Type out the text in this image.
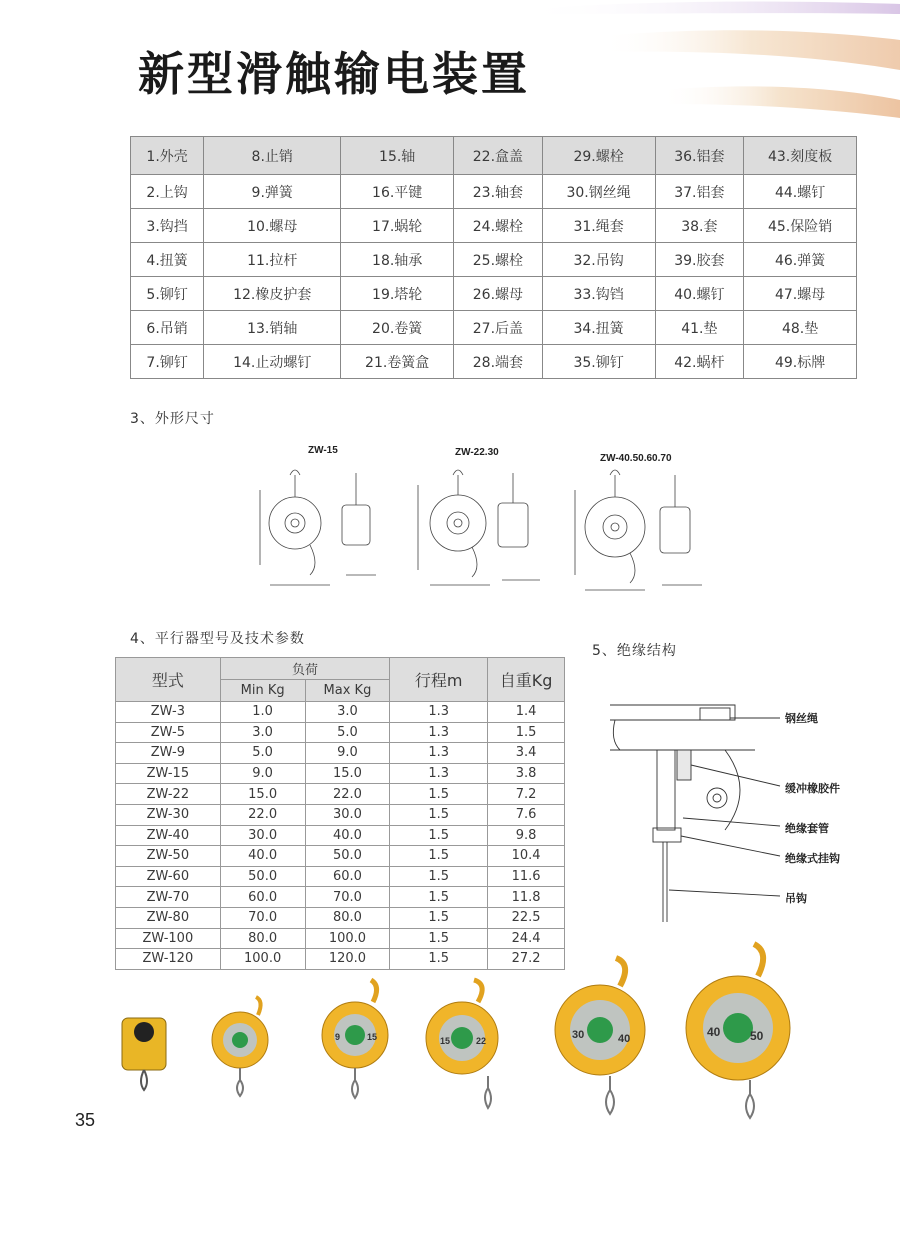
新型滑触输电装置
1.外壳	8.止销	15.轴	22.盒盖	29.螺栓	36.铝套	43.刻度板
2.上钩	9.弹簧	16.平键	23.轴套	30.钢丝绳	37.铝套	44.螺钉
3.钩挡	10.螺母	17.蜗轮	24.螺栓	31.绳套	38.套	45.保险销
4.扭簧	11.拉杆	18.轴承	25.螺栓	32.吊钩	39.胶套	46.弹簧
5.铆钉	12.橡皮护套	19.塔轮	26.螺母	33.钩铛	40.螺钉	47.螺母
6.吊销	13.销轴	20.卷簧	27.后盖	34.扭簧	41.垫	48.垫
7.铆钉	14.止动螺钉	21.卷簧盒	28.端套	35.铆钉	42.蜗杆	49.标牌
3、外形尺寸
ZW-15	ZW-22.30
ZW-40.50.60.70
4、平行器型号及技术参数
5、绝缘结构
型式	负荷		行程m	自重Kg
	Min Kg	Max Kg		
ZW-3	1.0	3.0	1.3	1.4
ZW-5	3.0	5.0	1.3	1.5
ZW-9	5.0	9.0	1.3	3.4
ZW-15	9.0	15.0	1.3	3.8
ZW-22	15.0	22.0	1.5	7.2
ZW-30	22.0	30.0	1.5	7.6
ZW-40	30.0	40.0	1.5	9.8
ZW-50	40.0	50.0	1.5	10.4
ZW-60	50.0	60.0	1.5	11.6
ZW-70	60.0	70.0	1.5	11.8
ZW-80	70.0	80.0	1.5	22.5
ZW-100	80.0	100.0	1.5	24.4
ZW-120	100.0	120.0	1.5	27.2
钢丝绳
缓冲橡胶件
绝缘套管
绝缘式挂钩
吊钩
9	15	15	22	30	40	40 50
35
